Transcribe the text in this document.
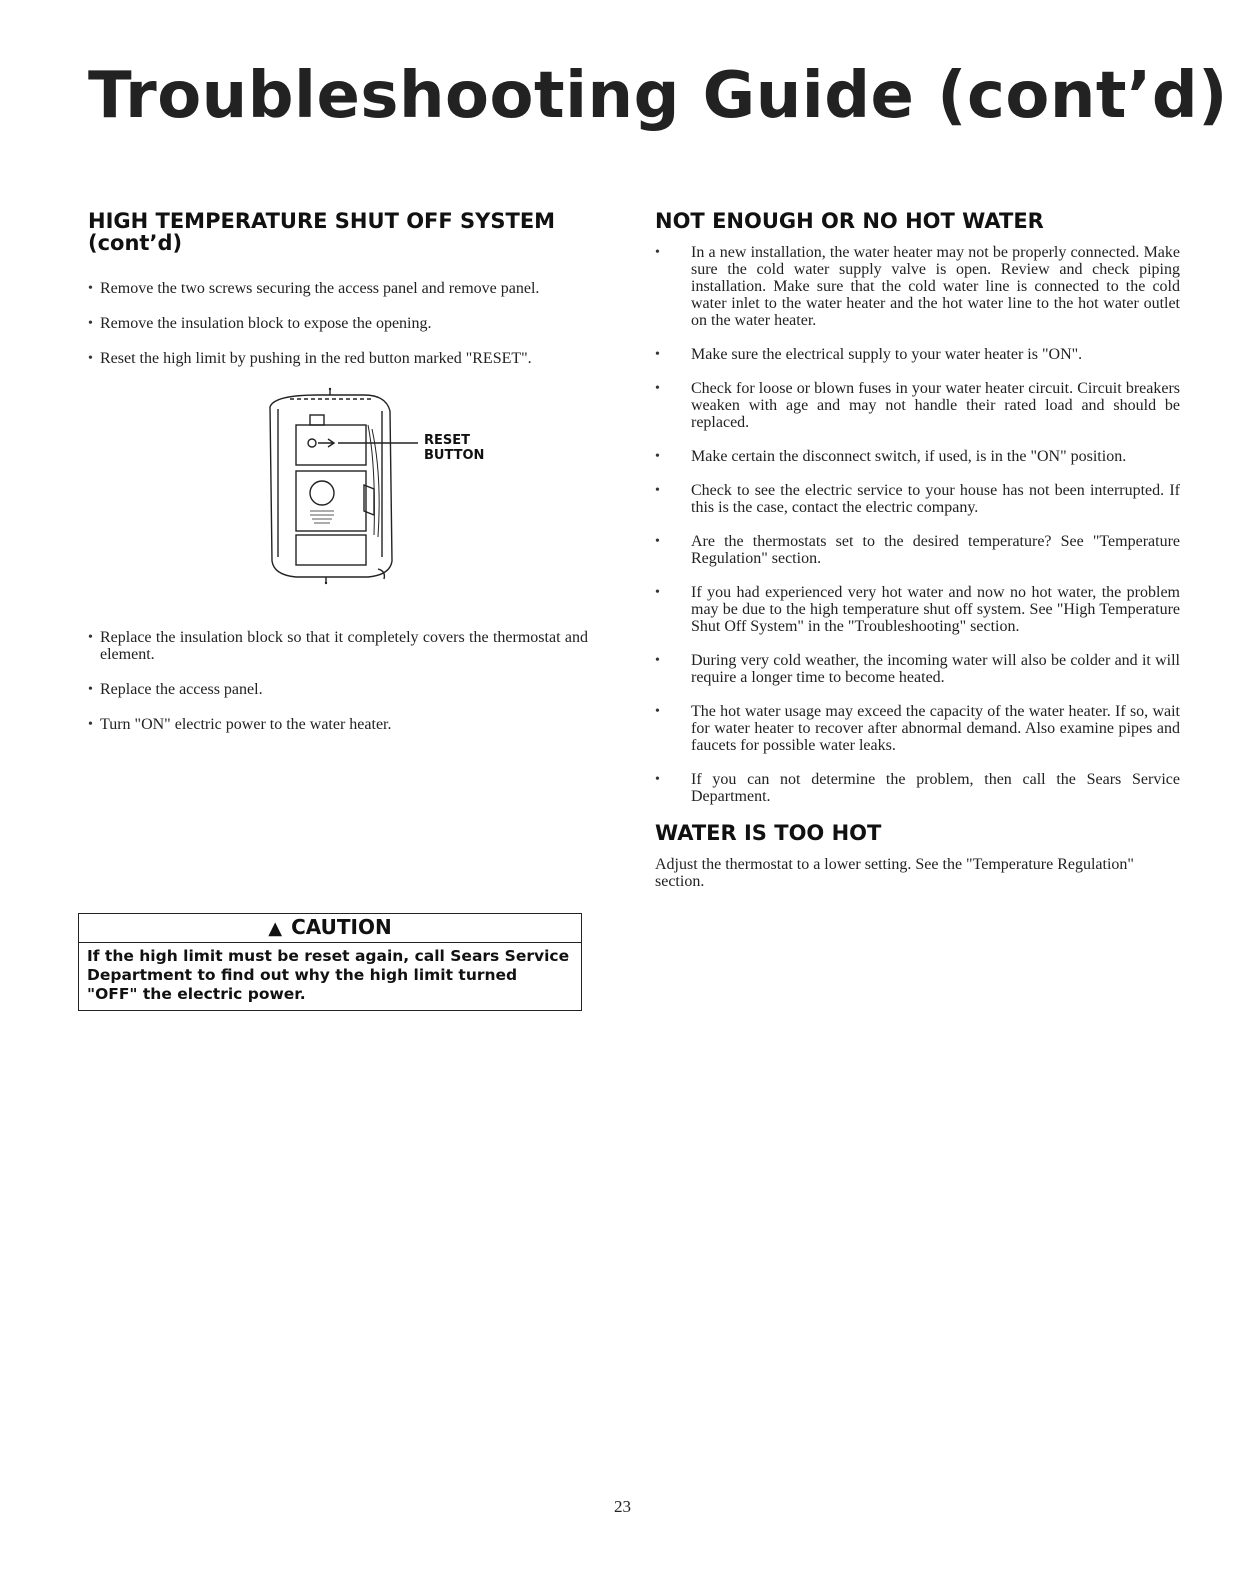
Troubleshooting Guide (cont’d)
HIGH TEMPERATURE SHUT OFF SYSTEM
(cont’d)
• Remove the two screws securing the access panel and remove panel.
• Remove the insulation block to expose the opening.
• Reset the high limit by pushing in the red button marked "RESET".
RESET BUTTON
• Replace the insulation block so that it completely covers the thermostat and element.
• Replace the access panel.
• Turn "ON" electric power to the water heater.
▲ CAUTION
If the high limit must be reset again, call Sears Service Department to find out why the high limit turned "OFF" the electric power.
NOT ENOUGH OR NO HOT WATER
• In a new installation, the water heater may not be properly connected. Make sure the cold water supply valve is open. Review and check piping installation. Make sure that the cold water line is connected to the cold water inlet to the water heater and the hot water line to the hot water outlet on the water heater.
• Make sure the electrical supply to your water heater is "ON".
• Check for loose or blown fuses in your water heater circuit. Circuit breakers weaken with age and may not handle their rated load and should be replaced.
• Make certain the disconnect switch, if used, is in the "ON" position.
• Check to see the electric service to your house has not been interrupted. If this is the case, contact the electric company.
• Are the thermostats set to the desired temperature? See "Temperature Regulation" section.
• If you had experienced very hot water and now no hot water, the problem may be due to the high temperature shut off system. See "High Temperature Shut Off System" in the "Troubleshooting" section.
• During very cold weather, the incoming water will also be colder and it will require a longer time to become heated.
• The hot water usage may exceed the capacity of the water heater. If so, wait for water heater to recover after abnormal demand. Also examine pipes and faucets for possible water leaks.
• If you can not determine the problem, then call the Sears Service Department.
WATER IS TOO HOT

Adjust the thermostat to a lower setting. See the "Temperature Regulation" section.

23
